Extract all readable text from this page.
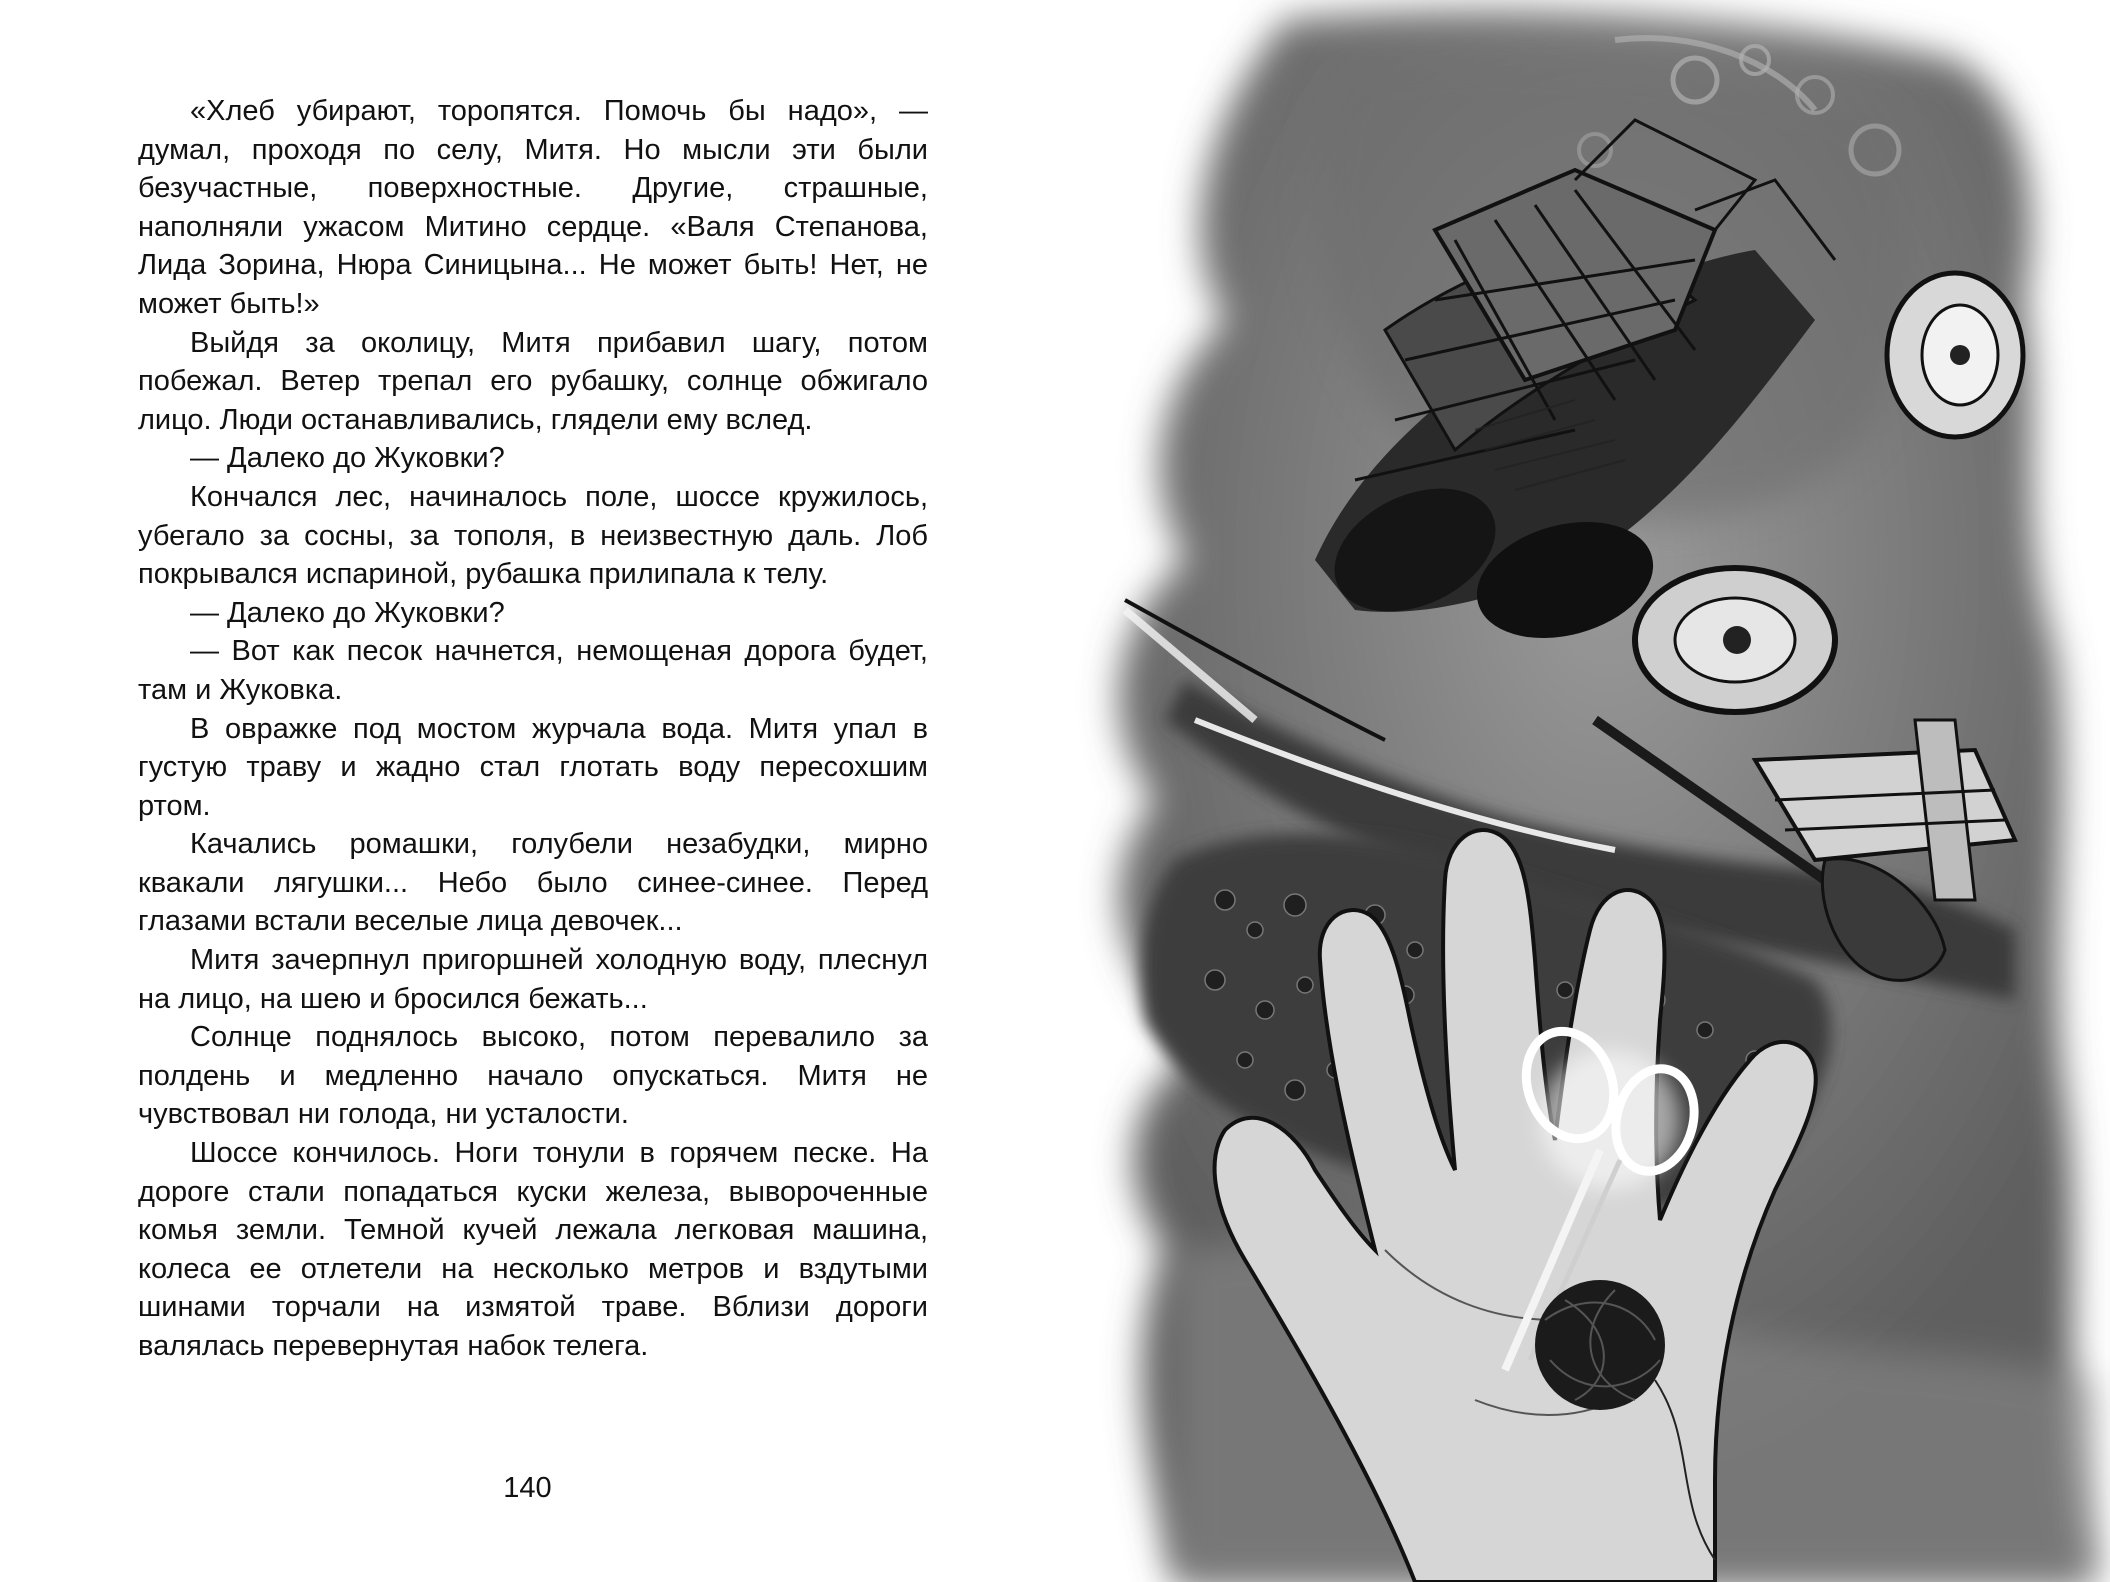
«Хлеб убирают, торопятся. Помочь бы надо», — думал, проходя по селу, Митя. Но мысли эти были безучастные, поверхностные. Другие, страшные, наполняли ужасом Митино сердце. «Валя Степанова, Лида Зорина, Нюра Синицына... Не может быть! Нет, не может быть!»

Выйдя за околицу, Митя прибавил шагу, потом побежал. Ветер трепал его рубашку, солнце обжигало лицо. Люди останавливались, глядели ему вслед.

— Далеко до Жуковки?

Кончался лес, начиналось поле, шоссе кружилось, убегало за сосны, за тополя, в неизвестную даль. Лоб покрывался испариной, рубашка прилипала к телу.

— Далеко до Жуковки?

— Вот как песок начнется, немощеная дорога будет, там и Жуковка.

В овражке под мостом журчала вода. Митя упал в густую траву и жадно стал глотать воду пересохшим ртом.

Качались ромашки, голубели незабудки, мирно квакали лягушки... Небо было синее-синее. Перед глазами встали веселые лица девочек...

Митя зачерпнул пригоршней холодную воду, плеснул на лицо, на шею и бросился бежать...

Солнце поднялось высоко, потом перевалило за полдень и медленно начало опускаться. Митя не чувствовал ни голода, ни усталости.

Шоссе кончилось. Ноги тонули в горячем песке. На дороге стали попадаться куски железа, вывороченные комья земли. Темной кучей лежала легковая машина, колеса ее отлетели на несколько метров и вздутыми шинами торчали на измятой траве. Вблизи дороги валялась перевернутая набок телега.

140
